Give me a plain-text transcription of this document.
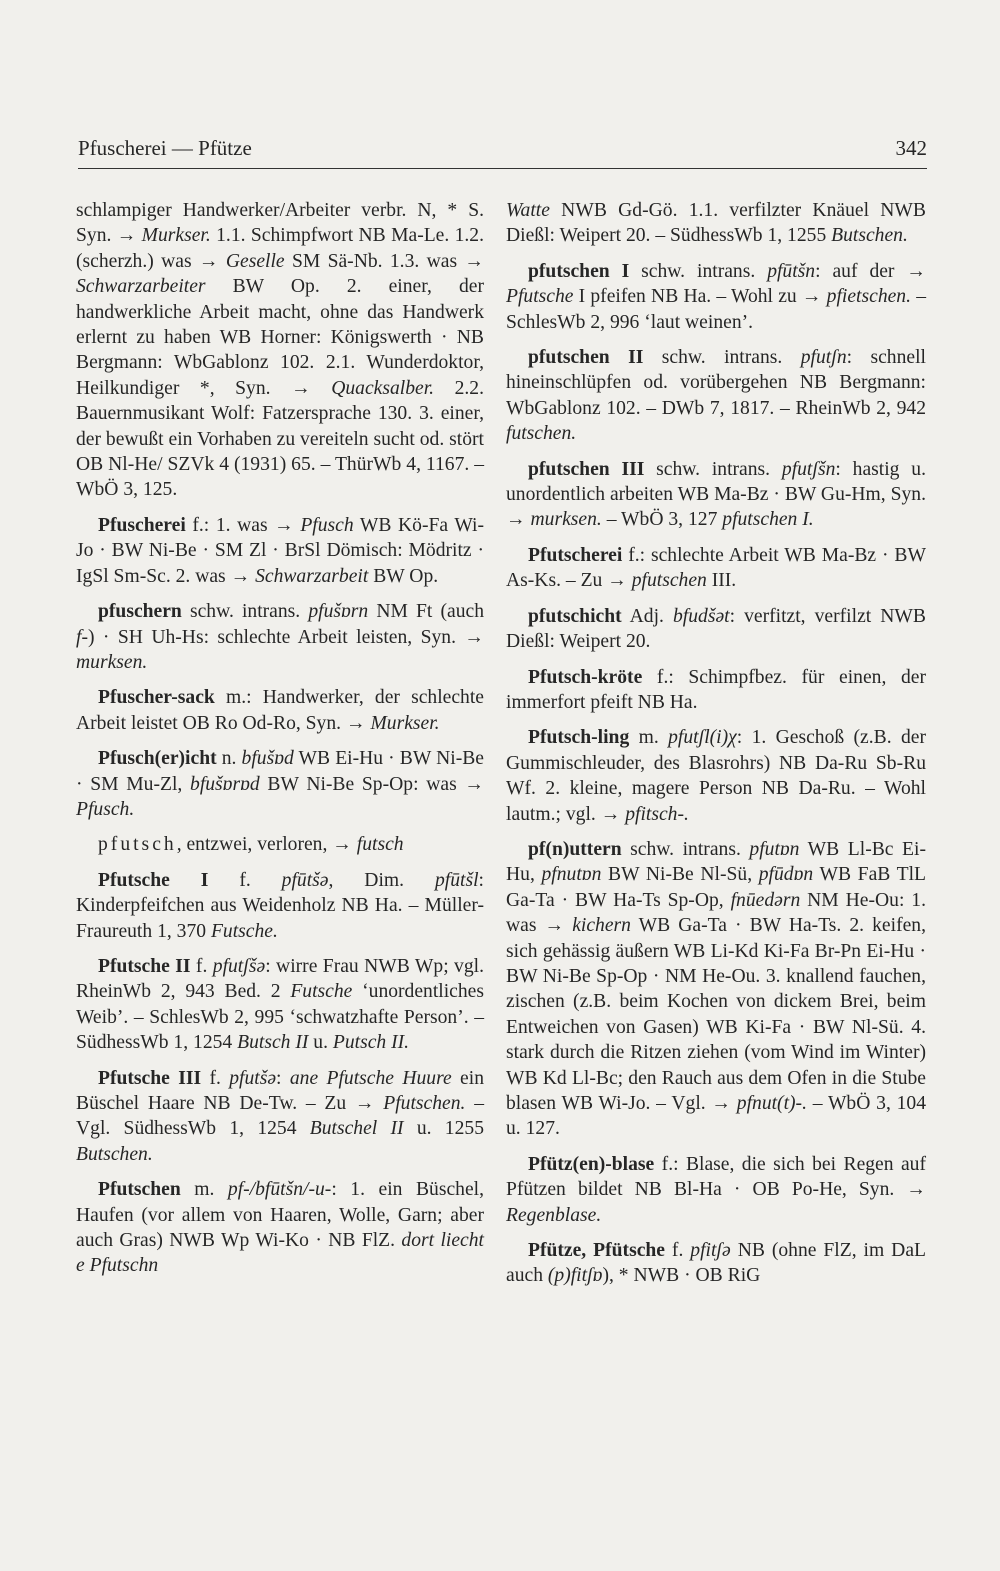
Pfuscherei — Pfütze	342

schlampiger Handwerker/Arbeiter verbr. N, * S. Syn. → Murkser. 1.1. Schimpfwort NB Ma-Le. 1.2. (scherzh.) was → Geselle SM Sä-Nb. 1.3. was → Schwarzarbeiter BW Op. 2. einer, der handwerkliche Arbeit macht, ohne das Handwerk erlernt zu haben WB Horner: Königswerth · NB Bergmann: WbGablonz 102. 2.1. Wunderdoktor, Heilkundiger *, Syn. → Quacksalber. 2.2. Bauernmusikant Wolf: Fatzersprache 130. 3. einer, der bewußt ein Vorhaben zu vereiteln sucht od. stört OB Nl-He/ SZVk 4 (1931) 65. – ThürWb 4, 1167. – WbÖ 3, 125.

Pfuscherei f.: 1. was → Pfusch WB Kö-Fa Wi-Jo · BW Ni-Be · SM Zl · BrSl Dömisch: Mödritz · IgSl Sm-Sc. 2. was → Schwarzarbeit BW Op.

pfuschern schw. intrans. pfušɒrn NM Ft (auch f-) · SH Uh-Hs: schlechte Arbeit leisten, Syn. → murksen.

Pfuscher-sack m.: Handwerker, der schlechte Arbeit leistet OB Ro Od-Ro, Syn. → Murkser.

Pfusch(er)icht n. bfušɒd WB Ei-Hu · BW Ni-Be · SM Mu-Zl, bfušɒrɒd BW Ni-Be Sp-Op: was → Pfusch.

pfutsch, entzwei, verloren, → futsch

Pfutsche I f. pfūtšə, Dim. pfūtšl: Kinderpfeifchen aus Weidenholz NB Ha. – Müller-Fraureuth 1, 370 Futsche.

Pfutsche II f. pfutʃšə: wirre Frau NWB Wp; vgl. RheinWb 2, 943 Bed. 2 Futsche ‘unordentliches Weib’. – SchlesWb 2, 995 ‘schwatzhafte Person’. – SüdhessWb 1, 1254 Butsch II u. Putsch II.

Pfutsche III f. pfutšə: ane Pfutsche Huure ein Büschel Haare NB De-Tw. – Zu → Pfutschen. – Vgl. SüdhessWb 1, 1254 Butschel II u. 1255 Butschen.

Pfutschen m. pf-/bfūtšn/-u-: 1. ein Büschel, Haufen (vor allem von Haaren, Wolle, Garn; aber auch Gras) NWB Wp Wi-Ko · NB FlZ. dort liecht e Pfutschn

Watte NWB Gd-Gö. 1.1. verfilzter Knäuel NWB Dießl: Weipert 20. – SüdhessWb 1, 1255 Butschen.

pfutschen I schw. intrans. pfūtšn: auf der → Pfutsche I pfeifen NB Ha. – Wohl zu → pfietschen. – SchlesWb 2, 996 ‘laut weinen’.

pfutschen II schw. intrans. pfutʃn: schnell hineinschlüpfen od. vorübergehen NB Bergmann: WbGablonz 102. – DWb 7, 1817. – RheinWb 2, 942 futschen.

pfutschen III schw. intrans. pfutʃšn: hastig u. unordentlich arbeiten WB Ma-Bz · BW Gu-Hm, Syn. → murksen. – WbÖ 3, 127 pfutschen I.

Pfutscherei f.: schlechte Arbeit WB Ma-Bz · BW As-Ks. – Zu → pfutschen III.

pfutschicht Adj. bfudšət: verfitzt, verfilzt NWB Dießl: Weipert 20.

Pfutsch-kröte f.: Schimpfbez. für einen, der immerfort pfeift NB Ha.

Pfutsch-ling m. pfutʃl(i)χ: 1. Geschoß (z.B. der Gummischleuder, des Blasrohrs) NB Da-Ru Sb-Ru Wf. 2. kleine, magere Person NB Da-Ru. – Wohl lautm.; vgl. → pfitsch-.

pf(n)uttern schw. intrans. pfutɒn WB Ll-Bc Ei-Hu, pfnutɒn BW Ni-Be Nl-Sü, pfūdɒn WB FaB TlL Ga-Ta · BW Ha-Ts Sp-Op, fnūedərn NM He-Ou: 1. was → kichern WB Ga-Ta · BW Ha-Ts. 2. keifen, sich gehässig äußern WB Li-Kd Ki-Fa Br-Pn Ei-Hu · BW Ni-Be Sp-Op · NM He-Ou. 3. knallend fauchen, zischen (z.B. beim Kochen von dickem Brei, beim Entweichen von Gasen) WB Ki-Fa · BW Nl-Sü. 4. stark durch die Ritzen ziehen (vom Wind im Winter) WB Kd Ll-Bc; den Rauch aus dem Ofen in die Stube blasen WB Wi-Jo. – Vgl. → pfnut(t)-. – WbÖ 3, 104 u. 127.

Pfütz(en)-blase f.: Blase, die sich bei Regen auf Pfützen bildet NB Bl-Ha · OB Po-He, Syn. → Regenblase.

Pfütze, Pfütsche f. pfitʃə NB (ohne FlZ, im DaL auch (p)fitʃɒ), * NWB · OB RiG
